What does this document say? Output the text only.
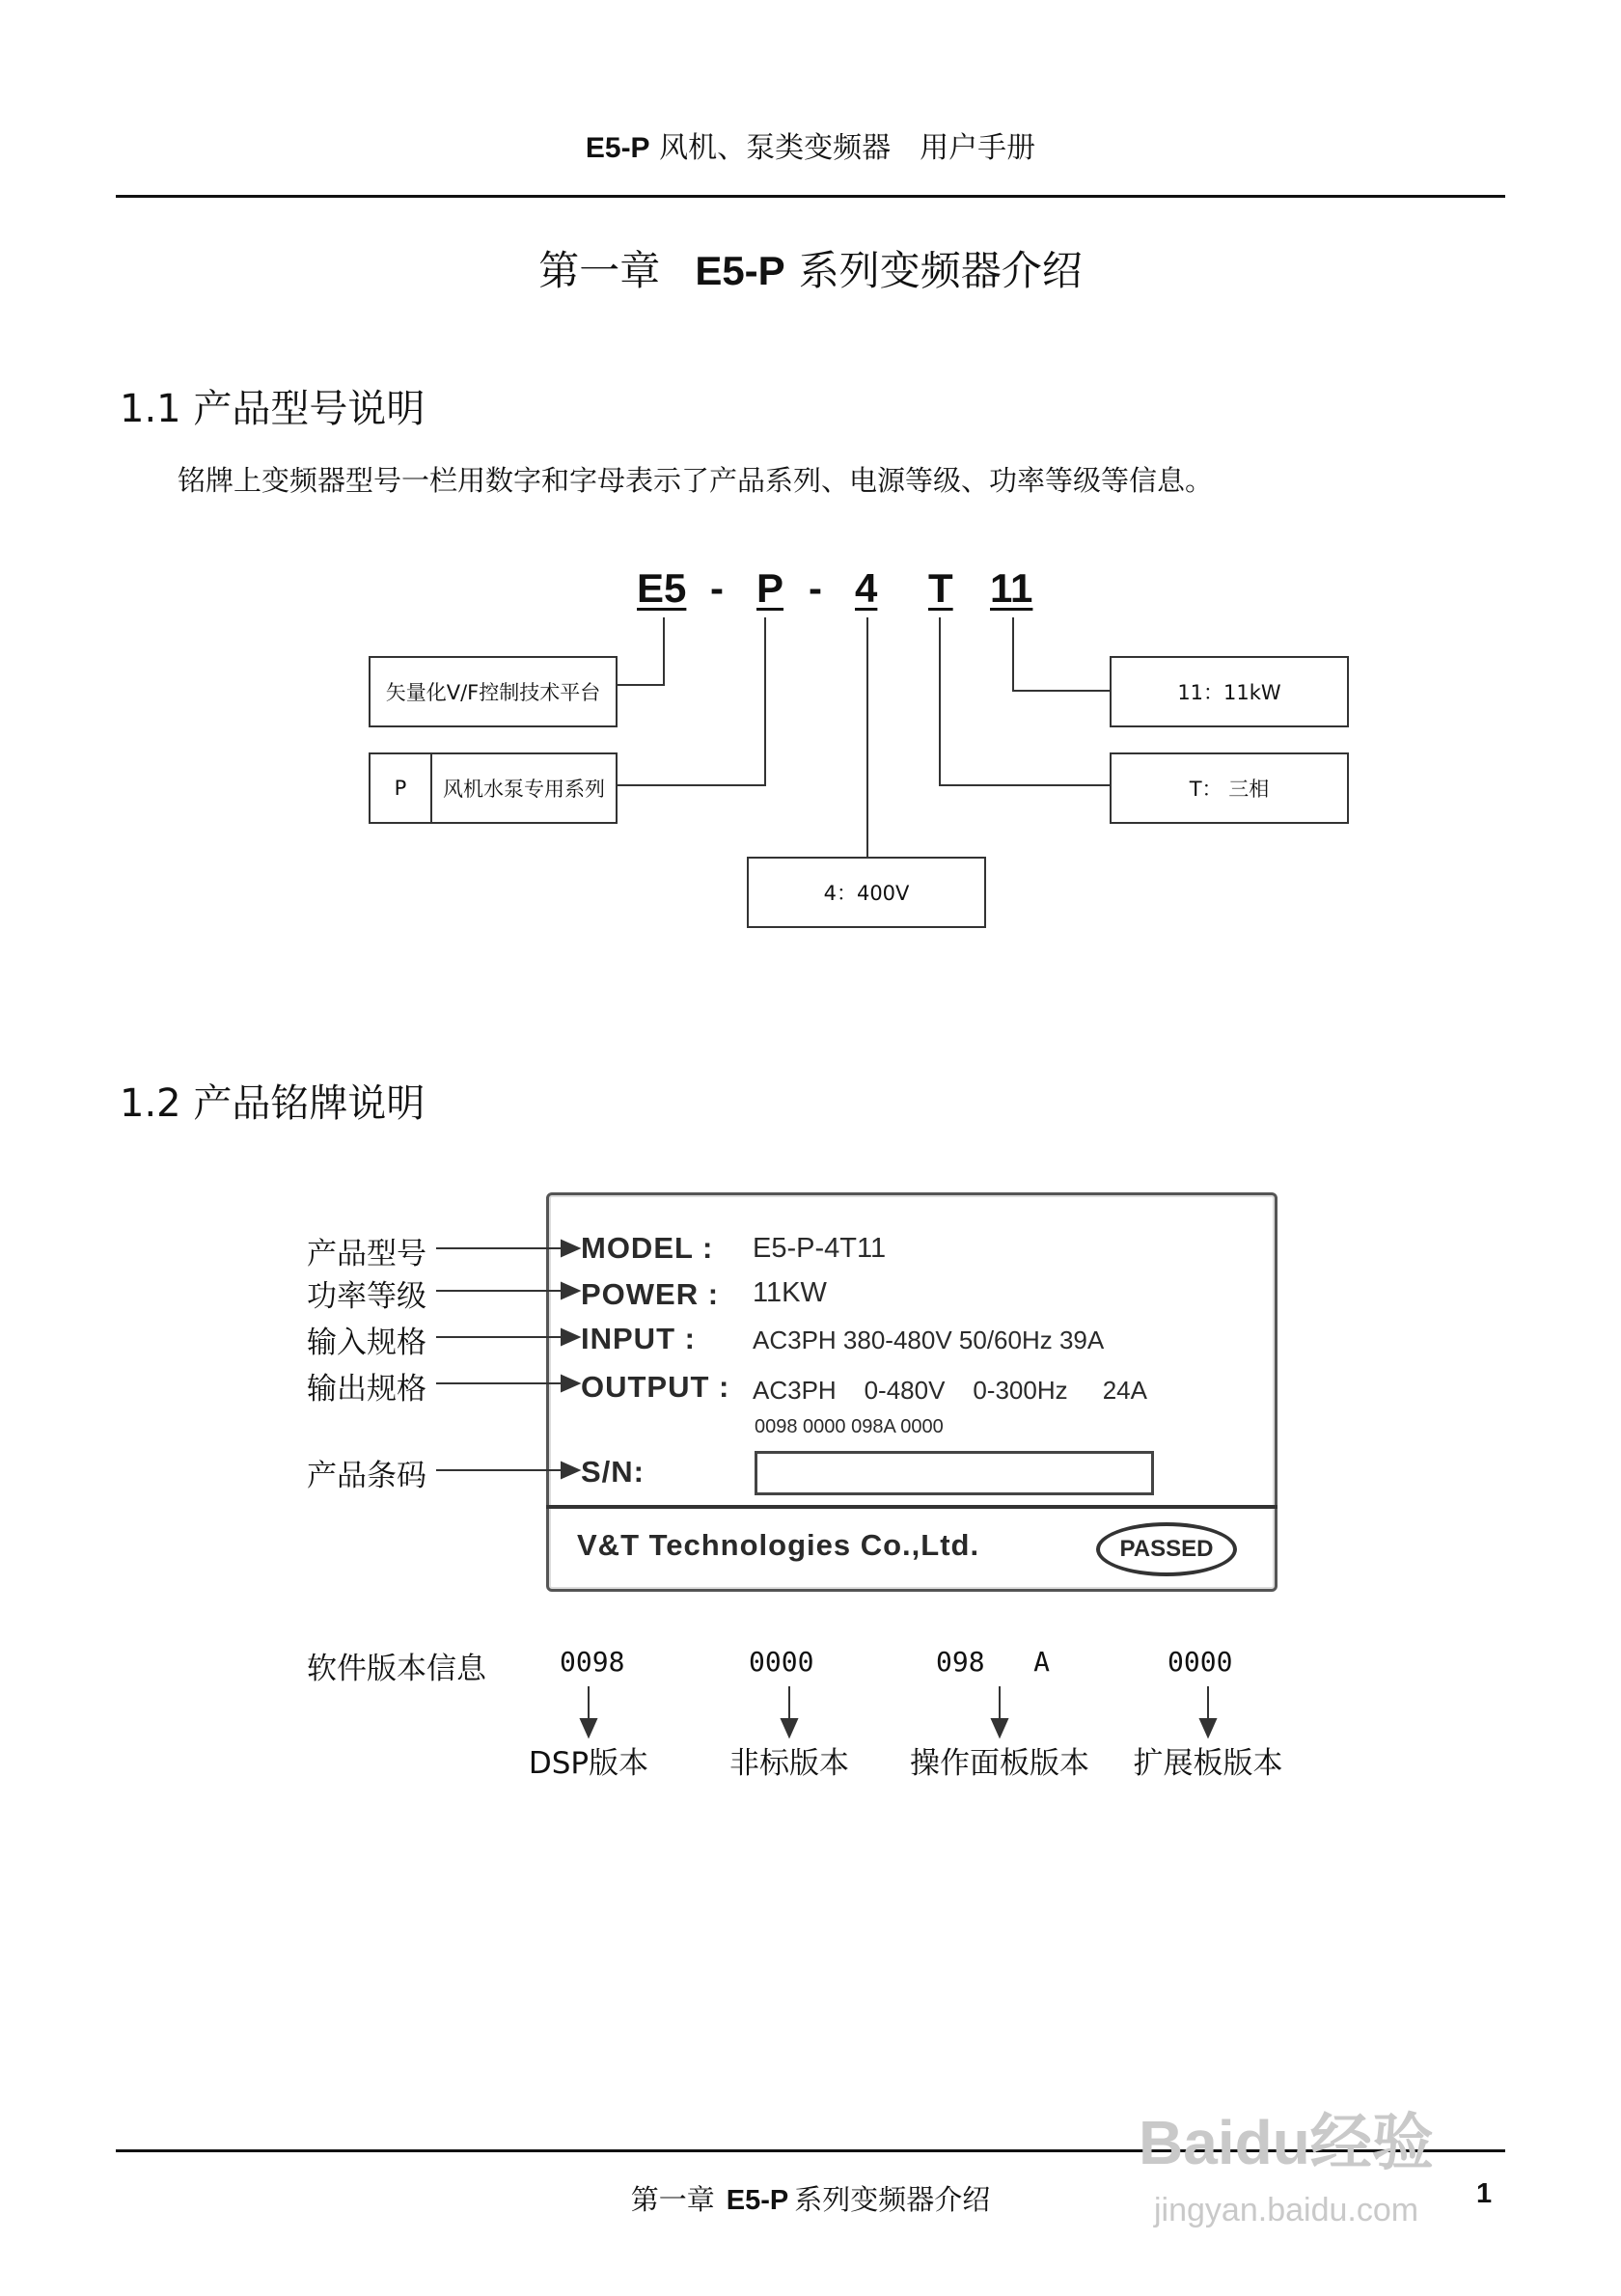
E5-P 风机、泵类变频器　用户手册
第一章 E5-P 系列变频器介绍
1.1 产品型号说明
铭牌上变频器型号一栏用数字和字母表示了产品系列、电源等级、功率等级等信息。
E5 - P - 4 T 11
矢量化V/F控制技术平台
P	风机水泵专用系列
4：400V
T： 三相
11：11kW
1.2 产品铭牌说明
产品型号
功率等级
输入规格
输出规格
产品条码
MODEL : E5-P-4T11
POWER : 11KW
INPUT : AC3PH 380-480V 50/60Hz 39A
OUTPUT : AC3PH    0-480V    0-300Hz     24A
0098 0000 098A 0000
S/N:
V&T Technologies Co.,Ltd.	PASSED
软件版本信息	0098	0000	098   A	0000
DSP版本	非标版本	操作面板版本	扩展板版本
第一章 E5-P 系列变频器介绍	1
Baidu经验
jingyan.baidu.com
